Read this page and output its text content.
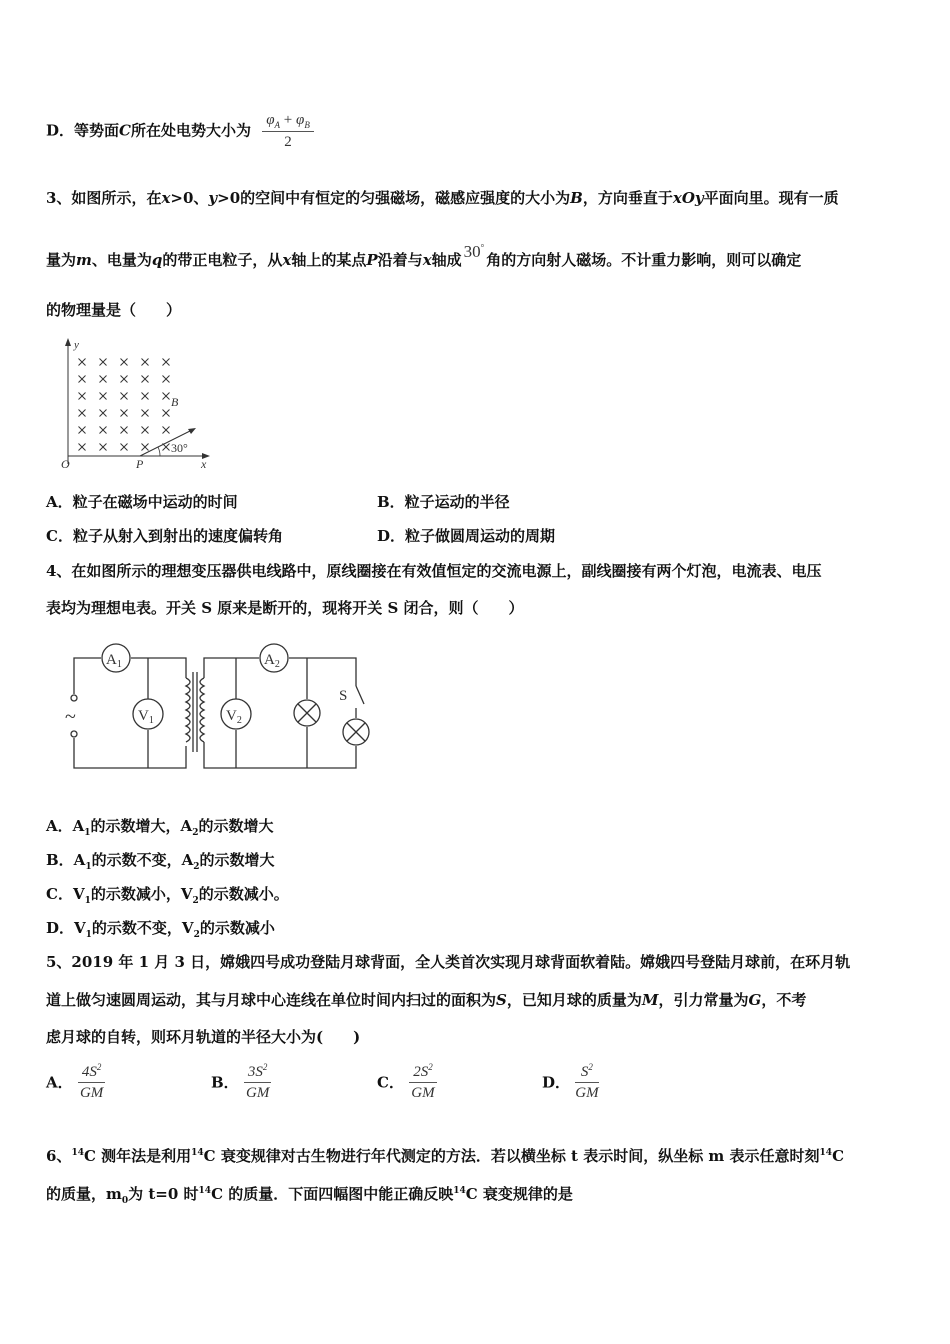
D．等势面C所在处电势大小为 $\frac{\varphi_A + \varphi_B}{2}$
3、如图所示，在x>0、y>0的空间中有恒定的匀强磁场，磁感应强度的大小为B，方向垂直于xOy平面向里。现有一质
量为m、电量为q的带正电粒子，从x轴上的某点P沿着与x轴成 30°角的方向射人磁场。不计重力影响，则可以确定
的物理量是（　　）
y
O	P	x
B
30°
A．粒子在磁场中运动的时间	B．粒子运动的半径
C．粒子从射入到射出的速度偏转角	D．粒子做圆周运动的周期
4、在如图所示的理想变压器供电线路中，原线圈接在有效值恒定的交流电源上，副线圈接有两个灯泡，电流表、电压
表均为理想电表。开关 S 原来是断开的，现将开关 S 闭合，则（　　）
~
$A_1$
$V_1$
$A_2$
$V_2$
S
A．$A_1$的示数增大，$A_2$的示数增大
B．$A_1$的示数不变，$A_2$的示数增大
C．$V_1$的示数减小，$V_2$的示数减小。
D．$V_1$的示数不变，$V_2$的示数减小
5、2019 年 1 月 3 日，嫦娥四号成功登陆月球背面，全人类首次实现月球背面软着陆。嫦娥四号登陆月球前，在环月轨
道上做匀速圆周运动，其与月球中心连线在单位时间内扫过的面积为S，已知月球的质量为M，引力常量为G，不考
虑月球的自转，则环月轨道的半径大小为(　　)
A． $\frac{4S^2}{GM}$	B． $\frac{3S^2}{GM}$	C． $\frac{2S^2}{GM}$	D． $\frac{S^2}{GM}$
6、$^{14}$C 测年法是利用$^{14}$C 衰变规律对古生物进行年代测定的方法．若以横坐标 t 表示时间，纵坐标 m 表示任意时刻$^{14}$C
的质量，$m_0$为 t=0 时$^{14}$C 的质量．下面四幅图中能正确反映$^{14}$C 衰变规律的是
